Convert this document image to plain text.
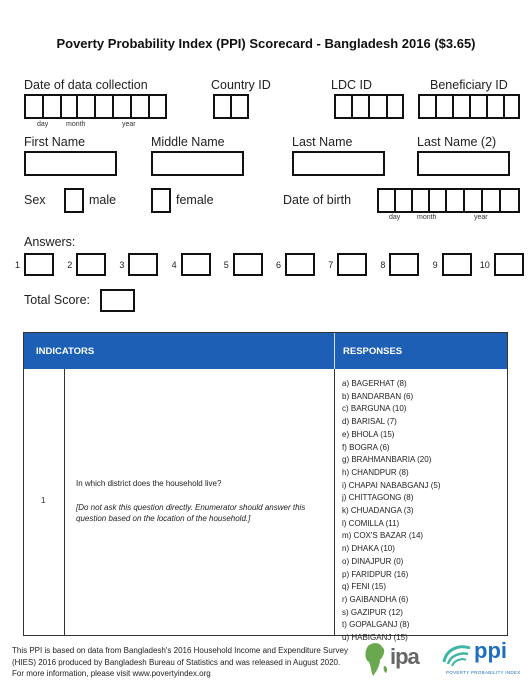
Poverty Probability Index (PPI) Scorecard - Bangladesh 2016 ($3.65)
Date of data collection	Country ID	LDC ID	Beneficiary ID
day	month	year
First Name	Middle Name	Last Name	Last Name (2)
Sex	male	female	Date of birth
day month	year
Answers:
1	2	3	4	5	6	7	8	9	10
Total Score:
INDICATORS	RESPONSES
1
In which district does the household live?
[Do not ask this question directly. Enumerator should answer this question based on the location of the household.]
a) BAGERHAT (8)
b) BANDARBAN (6)
c) BARGUNA (10)
d) BARISAL (7)
e) BHOLA (15)
f) BOGRA (6)
g) BRAHMANBARIA (20)
h) CHANDPUR (8)
i) CHAPAI NABABGANJ (5)
j) CHITTAGONG (8)
k) CHUADANGA (3)
l) COMILLA (11)
m) COX'S BAZAR (14)
n) DHAKA (10)
o) DINAJPUR (0)
p) FARIDPUR (16)
q) FENI (15)
r) GAIBANDHA (6)
s) GAZIPUR (12)
t) GOPALGANJ (8)
u) HABIGANJ (15)
This PPI is based on data from Bangladesh's 2016 Household Income and Expenditure Survey (HIES) 2016 produced by Bangladesh Bureau of Statistics and was released in August 2020. For more information, please visit www.povertyindex.org
ipa	ppi
POVERTY PROBABILITY INDEX
